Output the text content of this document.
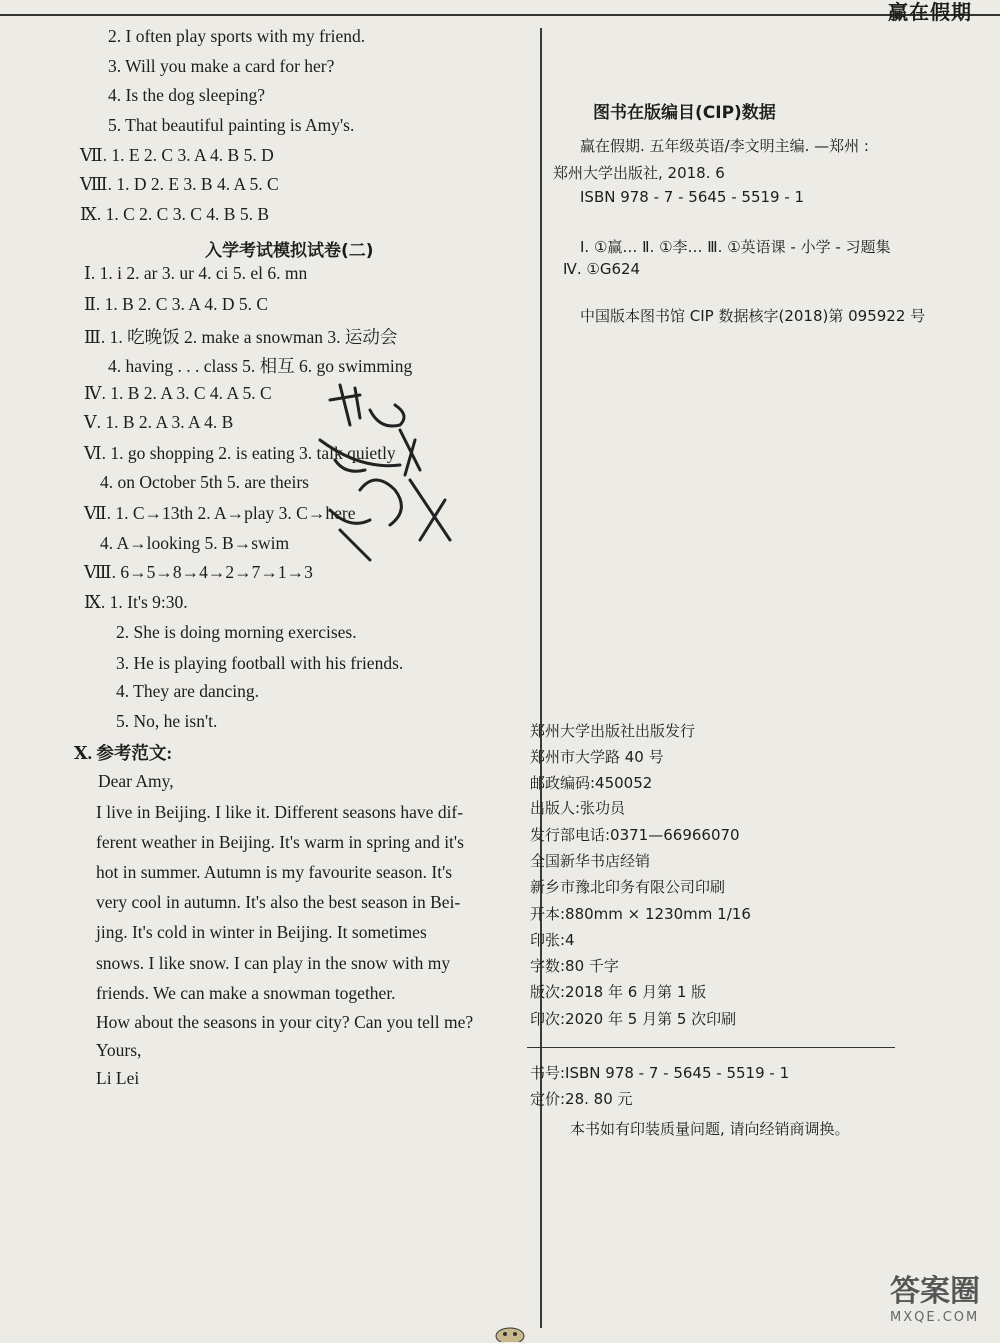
赢在假期
2. I often play sports with my friend.
3. Will you make a card for her?
4. Is the dog sleeping?
5. That beautiful painting is Amy's.
Ⅶ. 1. E 2. C 3. A 4. B 5. D
Ⅷ. 1. D 2. E 3. B 4. A 5. C
Ⅸ. 1. C 2. C 3. C 4. B 5. B
入学考试模拟试卷(二)
Ⅰ. 1. i 2. ar 3. ur 4. ci 5. el 6. mn
Ⅱ. 1. B 2. C 3. A 4. D 5. C
Ⅲ. 1. 吃晚饭 2. make a snowman 3. 运动会
4. having . . . class 5. 相互 6. go swimming
Ⅳ. 1. B 2. A 3. C 4. A 5. C
Ⅴ. 1. B 2. A 3. A 4. B
Ⅵ. 1. go shopping 2. is eating 3. talk quietly
4. on October 5th 5. are theirs
Ⅶ. 1. C→13th 2. A→play 3. C→here
4. A→looking 5. B→swim
Ⅷ. 6→5→8→4→2→7→1→3
Ⅸ. 1. It's 9:30.
2. She is doing morning exercises.
3. He is playing football with his friends.
4. They are dancing.
5. No, he isn't.
Ⅹ. 参考范文:
Dear Amy,
I live in Beijing. I like it. Different seasons have dif-
ferent weather in Beijing. It's warm in spring and it's
hot in summer. Autumn is my favourite season. It's
very cool in autumn. It's also the best season in Bei-
jing. It's cold in winter in Beijing. It sometimes
snows. I like snow. I can play in the snow with my
friends. We can make a snowman together.
How about the seasons in your city? Can you tell me?
Yours,
Li Lei
图书在版编目(CIP)数据
赢在假期. 五年级英语/李文明主编. —郑州 :
郑州大学出版社, 2018. 6
ISBN 978 - 7 - 5645 - 5519 - 1
Ⅰ. ①赢… Ⅱ. ①李… Ⅲ. ①英语课 - 小学 - 习题集
Ⅳ. ①G624
中国版本图书馆 CIP 数据核字(2018)第 095922 号
郑州大学出版社出版发行
郑州市大学路 40 号
邮政编码:450052
出版人:张功员
发行部电话:0371—66966070
全国新华书店经销
新乡市豫北印务有限公司印刷
开本:880mm × 1230mm 1/16
印张:4
字数:80 千字
版次:2018 年 6 月第 1 版
印次:2020 年 5 月第 5 次印刷
书号:ISBN 978 - 7 - 5645 - 5519 - 1
定价:28. 80 元
本书如有印装质量问题, 请向经销商调换。
答案圈
MXQE.COM
